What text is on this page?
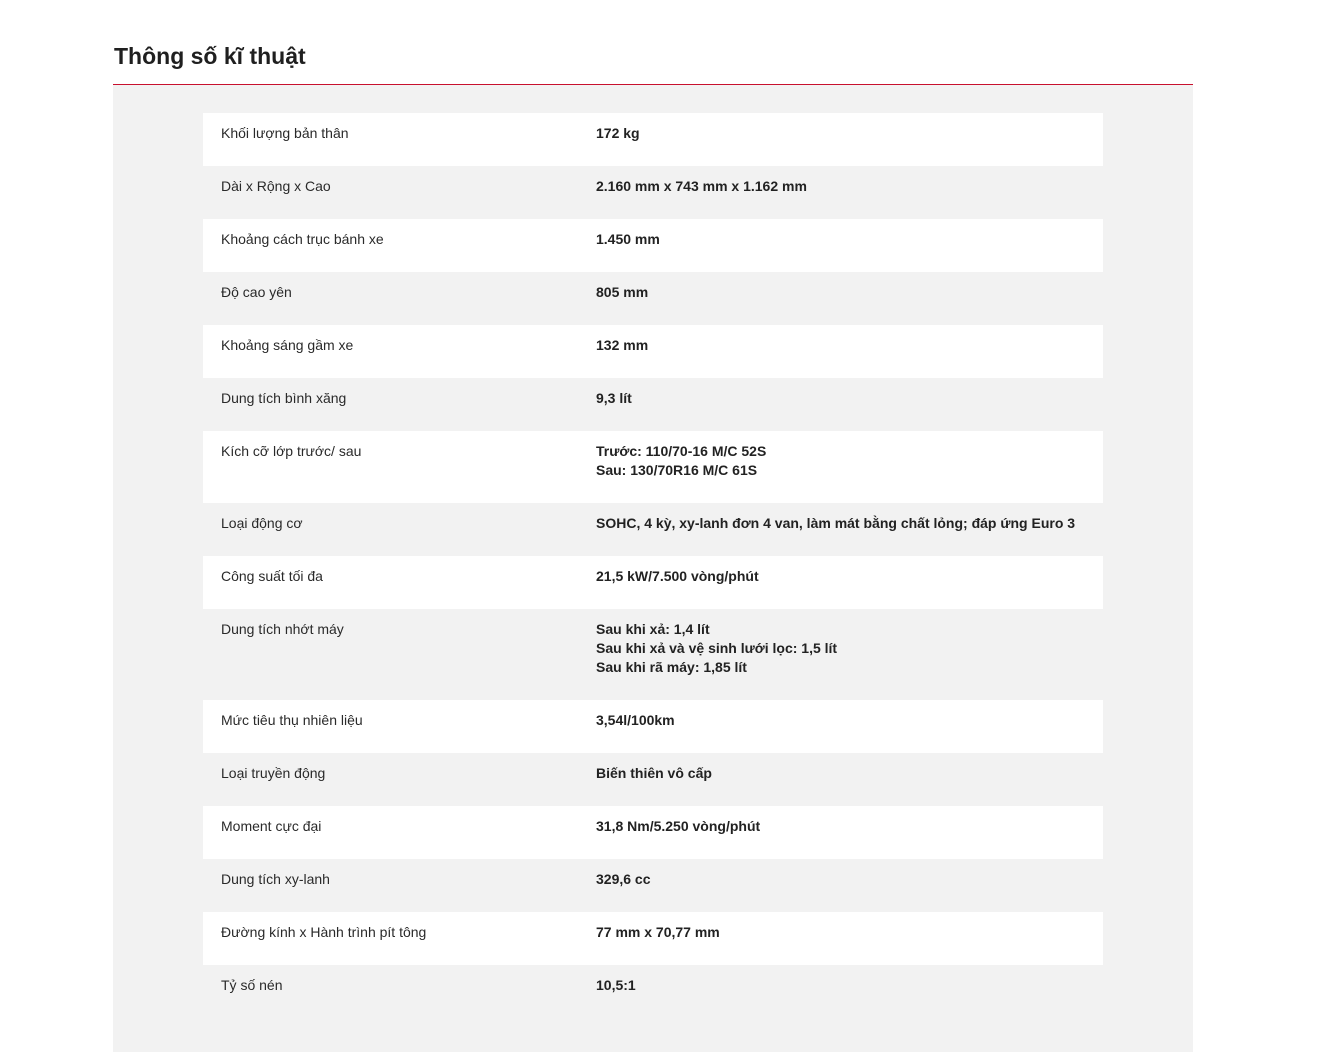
Thông số kĩ thuật
Khối lượng bản thân	172 kg
Dài x Rộng x Cao	2.160 mm x 743 mm x 1.162 mm
Khoảng cách trục bánh xe	1.450 mm
Độ cao yên	805 mm
Khoảng sáng gầm xe	132 mm
Dung tích bình xăng	9,3 lít
Kích cỡ lớp trước/ sau	Trước: 110/70-16 M/C 52S
Sau: 130/70R16 M/C 61S
Loại động cơ	SOHC, 4 kỳ, xy-lanh đơn 4 van, làm mát bằng chất lỏng; đáp ứng Euro 3
Công suất tối đa	21,5 kW/7.500 vòng/phút
Dung tích nhớt máy	Sau khi xả: 1,4 lít
Sau khi xả và vệ sinh lưới lọc: 1,5 lít
Sau khi rã máy: 1,85 lít
Mức tiêu thụ nhiên liệu	3,54l/100km
Loại truyền động	Biến thiên vô cấp
Moment cực đại	31,8 Nm/5.250 vòng/phút
Dung tích xy-lanh	329,6 cc
Đường kính x Hành trình pít tông	77 mm x 70,77 mm
Tỷ số nén	10,5:1
